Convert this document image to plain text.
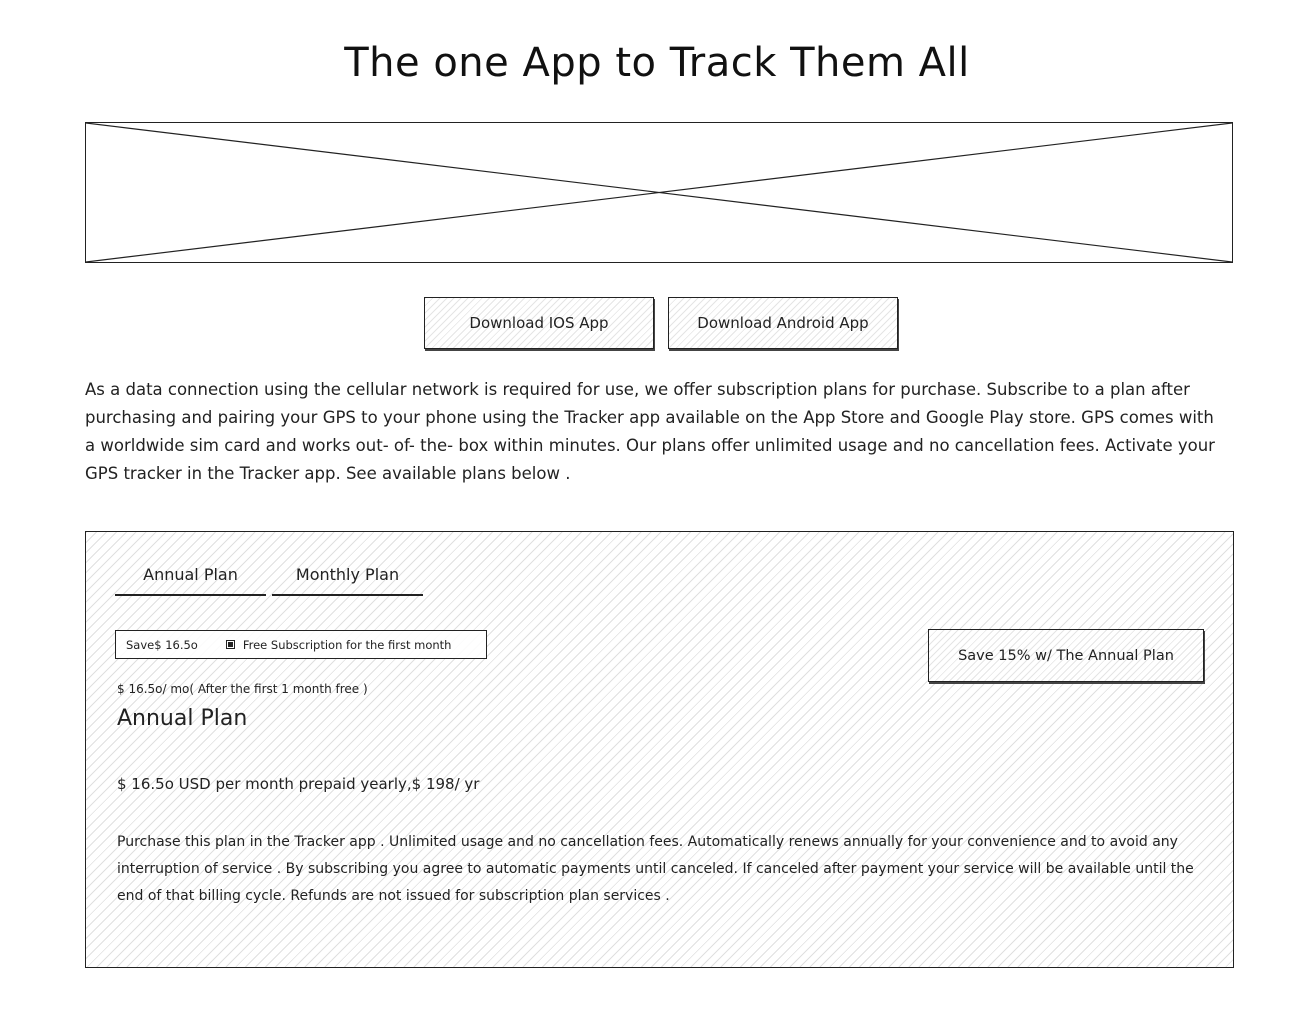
The one App to Track Them All
Download IOS App	Download Android App

As a data connection using the cellular network is required for use, we offer subscription plans for purchase. Subscribe to a plan after purchasing and pairing your GPS to your phone using the Tracker app available on the App Store and Google Play store. GPS comes with a worldwide sim card and works out- of- the- box within minutes. Our plans offer unlimited usage and no cancellation fees. Activate your GPS tracker in the Tracker app. See available plans below .

Annual Plan	Monthly Plan
Save$ 16.5o	Free Subscription for the first month
Save 15% w/ The Annual Plan
$ 16.5o/ mo( After the first 1 month free )
Annual Plan
$ 16.5o USD per month prepaid yearly,$ 198/ yr

Purchase this plan in the Tracker app . Unlimited usage and no cancellation fees. Automatically renews annually for your convenience and to avoid any interruption of service . By subscribing you agree to automatic payments until canceled. If canceled after payment your service will be available until the end of that billing cycle. Refunds are not issued for subscription plan services .
